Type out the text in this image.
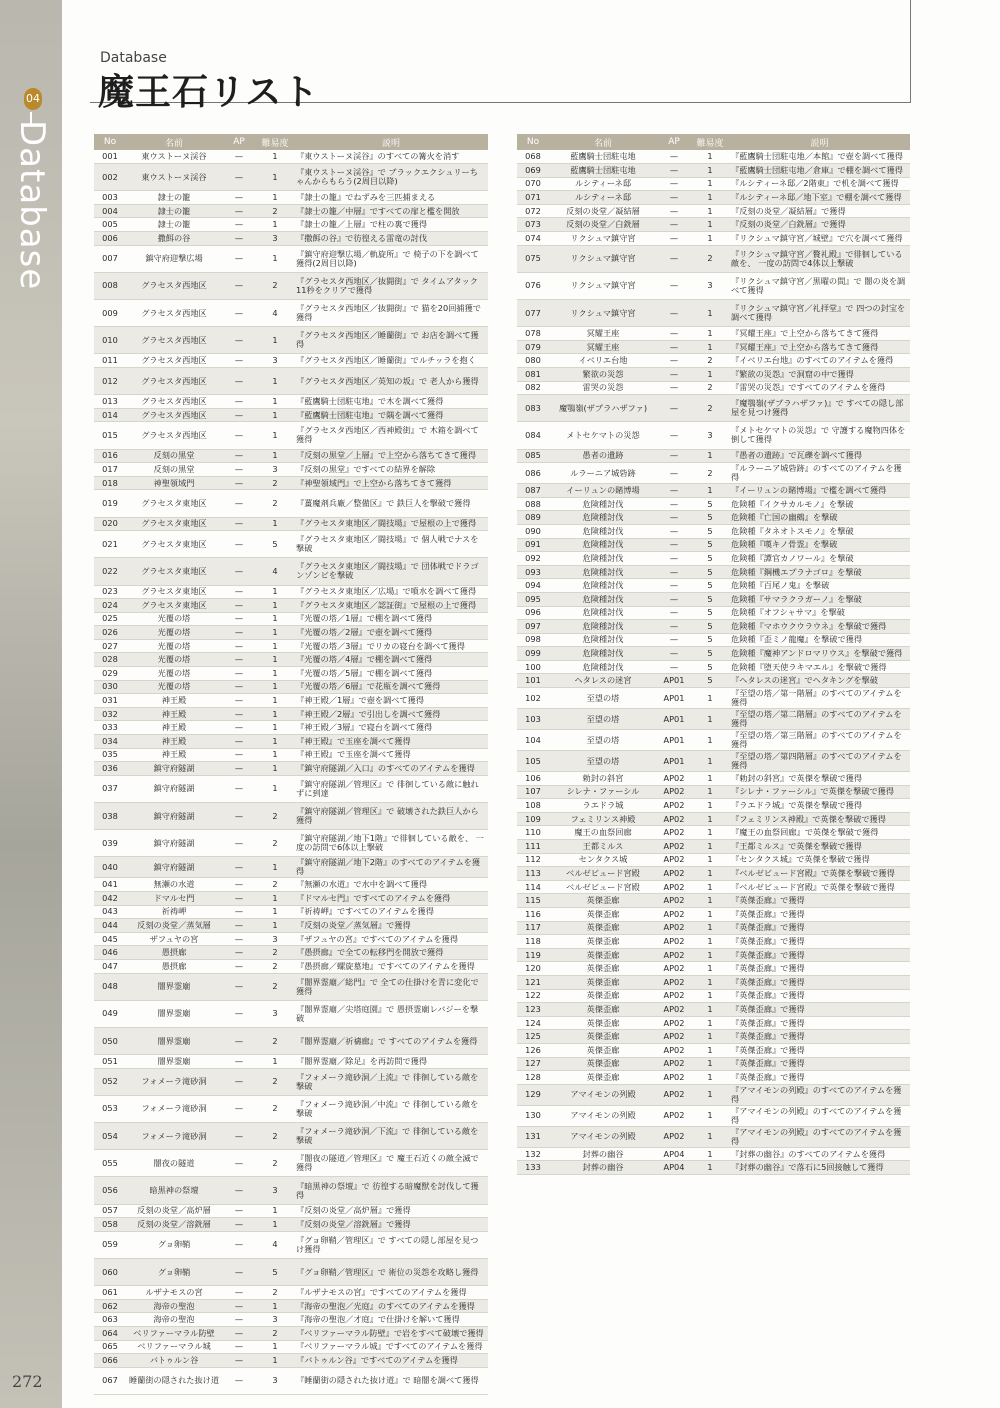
04
Database
Database
魔王石リスト
No	名前	AP	難易度	説明
001	東ウストーヌ渓谷	—	1	『東ウストーヌ渓谷』のすべての篝火を消す
002	東ウストーヌ渓谷	—	1	『東ウストーヌ渓谷』で ブラックエクシュリーちゃんからもらう(2周目以降)
003	隷士の籠	—	1	『隷士の籠』でねずみを三匹捕まえる
004	隷士の籠	—	2	『隷士の籠／中層』ですべての扉と檻を開放
005	隷士の籠	—	1	『隷士の籠／上層』で柱の裏で獲得
006	撒餌の谷	—	3	『撒餌の谷』で彷徨える雷竜の討伐
007	鎮守府迎撃広場	—	1	『鎮守府迎撃広場／軌旋所』で 椅子の下を調べて獲得(2周目以降)
008	グラセスタ西地区	—	2	『グラセスタ西地区／抜闘街』で タイムアタック11秒をクリアで獲得
009	グラセスタ西地区	—	4	『グラセスタ西地区／抜闘街』で 猫を20回捕獲で獲得
010	グラセスタ西地区	—	1	『グラセスタ西地区／睡蘭街』で お店を調べて獲得
011	グラセスタ西地区	—	3	『グラセスタ西地区／睡蘭街』でルチッラを抱く
012	グラセスタ西地区	—	1	『グラセスタ西地区／英知の坂』で 老人から獲得
013	グラセスタ西地区	—	1	『藍鷹騎士団駐屯地』で木を調べて獲得
014	グラセスタ西地区	—	1	『藍鷹騎士団駐屯地』で隅を調べて獲得
015	グラセスタ西地区	—	1	『グラセスタ西地区／西神殿街』で 木箱を調べて獲得
016	反刻の黒堂	—	1	『反刻の黒堂／上層』で上空から落ちてきて獲得
017	反刻の黒堂	—	3	『反刻の黒堂』ですべての結界を解除
018	神聖領域門	—	2	『神聖領域門』で上空から落ちてきて獲得
019	グラセスタ東地区	—	2	『薑魔剤兵廠／整備区』で 鉄巨人を撃破で獲得
020	グラセスタ東地区	—	1	『グラセスタ東地区／闘技場』で屋根の上で獲得
021	グラセスタ東地区	—	5	『グラセスタ東地区／闘技場』で 個人戦でナスを撃破
022	グラセスタ東地区	—	4	『グラセスタ東地区／闘技場』で 団体戦でドラゴンゾンビを撃破
023	グラセスタ東地区	—	1	『グラセスタ東地区／広場』で噴水を調べて獲得
024	グラセスタ東地区	—	1	『グラセスタ東地区／認証街』で屋根の上で獲得
025	光覆の塔	—	1	『光覆の塔／1層』で棚を調べて獲得
026	光覆の塔	—	1	『光覆の塔／2層』で壺を調べて獲得
027	光覆の塔	—	1	『光覆の塔／3層』でリカの寝台を調べて獲得
028	光覆の塔	—	1	『光覆の塔／4層』で棚を調べて獲得
029	光覆の塔	—	1	『光覆の塔／5層』で棚を調べて獲得
030	光覆の塔	—	1	『光覆の塔／6層』で花瓶を調べて獲得
031	神王殿	—	1	『神王殿／1層』で壺を調べて獲得
032	神王殿	—	1	『神王殿／2層』で引出しを調べて獲得
033	神王殿	—	1	『神王殿／3層』で寝台を調べて獲得
034	神王殿	—	1	『神王殿』で玉座を調べて獲得
035	神王殿	—	1	『神王殿』で玉座を調べて獲得
036	鎮守府隧湖	—	1	『鎮守府隧湖／入口』のすべてのアイテムを獲得
037	鎮守府隧湖	—	1	『鎮守府隧湖／管理区』で 徘徊している敵に触れずに到達
038	鎮守府隧湖	—	2	『鎮守府隧湖／管理区』で 破壊された鉄巨人から獲得
039	鎮守府隧湖	—	2	『鎮守府隧湖／地下1階』で徘徊している敵を、 一度の訪問で6体以上撃破
040	鎮守府隧湖	—	1	『鎮守府隧湖／地下2階』のすべてのアイテムを獲得
041	無瀬の水道	—	2	『無瀬の水道』で水中を調べて獲得
042	ドマルセ門	—	1	『ドマルセ門』ですべてのアイテムを獲得
043	祈祷岬	—	1	『祈祷岬』ですべてのアイテムを獲得
044	反刻の炎堂／蒸気層	—	1	『反刻の炎堂／蒸気層』で獲得
045	ザフュヤの宮	—	3	『ザフュヤの宮』ですべてのアイテムを獲得
046	愚摂廊	—	2	『愚摂廊』で全ての転移門を開放で獲得
047	愚摂廊	—	2	『愚摂廊／螺旋墓地』ですべてのアイテムを獲得
048	闇界霊廟	—	2	『闇界霊廟／総門』で 全ての仕掛けを青に変化で獲得
049	闇界霊廟	—	3	『闇界霊廟／尖塔庭園』で 愚摂霊廟レバジーを撃破
050	闇界霊廟	—	2	『闇界霊廟／祈禱廊』で すべてのアイテムを獲得
051	闇界霊廟	—	1	『闇界霊廟／除足』を再訪問で獲得
052	フォメーラ滝砂洞	—	2	『フォメーラ滝砂洞／上流』で 徘徊している敵を撃破
053	フォメーラ滝砂洞	—	2	『フォメーラ滝砂洞／中流』で 徘徊している敵を撃破
054	フォメーラ滝砂洞	—	2	『フォメーラ滝砂洞／下流』で 徘徊している敵を撃破
055	闇夜の隧道	—	2	『闇夜の隧道／管理区』で 魔王石近くの敵全滅で獲得
056	暗黒神の祭壇	—	3	『暗黒神の祭壇』で 彷徨する暗魔獣を討伐して獲得
057	反刻の炎堂／高炉層	—	1	『反刻の炎堂／高炉層』で獲得
058	反刻の炎堂／溶銑層	—	1	『反刻の炎堂／溶銑層』で獲得
059	グョ卵鞘	—	4	『グョ卵鞘／管理区』で すべての隠し部屋を見つけ獲得
060	グョ卵鞘	—	5	『グョ卵鞘／管理区』で 術位の災怨を攻略し獲得
061	ルザナモスの宮	—	2	『ルザナモスの宮』ですべてのアイテムを獲得
062	海帝の聖泡	—	1	『海帝の聖泡／光庭』のすべてのアイテムを獲得
063	海帝の聖泡	—	3	『海帝の聖泡／才庭』で仕掛けを解いて獲得
064	ベリファーマラル防壁	—	2	『ベリファーマラル防壁』で岩をすべて破壊で獲得
065	ベリファーマラル城	—	1	『ベリファーマラル城』ですべてのアイテムを獲得
066	バトゥルン谷	—	1	『バトゥルン谷』ですべてのアイテムを獲得
067	睡蘭街の隠された抜け道	—	3	『睡蘭街の隠された抜け道』で 暗闇を調べて獲得
No	名前	AP	難易度	説明
068	藍鷹騎士団駐屯地	—	1	『藍鷹騎士団駐屯地／本館』で壺を調べて獲得
069	藍鷹騎士団駐屯地	—	1	『藍鷹騎士団駐屯地／倉庫』で棚を調べて獲得
070	ルシティーネ邸	—	1	『ルシティーネ邸／2階東』で机を調べて獲得
071	ルシティーネ邸	—	1	『ルシティーネ邸／地下室』で棚を調べて獲得
072	反刻の炎堂／凝結層	—	1	『反刻の炎堂／凝結層』で獲得
073	反刻の炎堂／白銑層	—	1	『反刻の炎堂／白銑層』で獲得
074	リクシュマ鎮守宮	—	1	『リクシュマ鎮守宮／城壁』で穴を調べて獲得
075	リクシュマ鎮守宮	—	2	『リクシュマ鎮守宮／贅礼殿』で徘徊している敵を、 一度の訪問で4体以上撃破
076	リクシュマ鎮守宮	—	3	『リクシュマ鎮守宮／黒曜の間』で 闇の炎を調べて獲得
077	リクシュマ鎮守宮	—	1	『リクシュマ鎮守宮／礼拝堂』で 四つの封宝を調べて獲得
078	冥耀王座	—	1	『冥耀王座』で上空から落ちてきて獲得
079	冥耀王座	—	1	『冥耀王座』で上空から落ちてきて獲得
080	イベリエ台地	—	2	『イベリエ台地』のすべてのアイテムを獲得
081	繁欲の災怨	—	1	『繁欲の災怨』で洞窟の中で獲得
082	雷哭の災怨	—	2	『雷哭の災怨』ですべてのアイテムを獲得
083	魔鶚嶺(ザプラハザファ)	—	2	『魔鶚嶺(ザプラハザファ)』で すべての隠し部屋を見つけ獲得
084	メトセケマトの災怨	—	3	『メトセケマトの災怨』で 守護する魔物四体を倒して獲得
085	愚者の遺跡	—	1	『愚者の遺跡』で瓦礫を調べて獲得
086	ルラーニア城砦跡	—	2	『ルラーニア城砦跡』のすべてのアイテムを獲得
087	イーリュンの賭博場	—	1	『イーリュンの賭博場』で檻を調べて獲得
088	危険種討伐	—	5	危険種『イクサカルモノ』を撃破
089	危険種討伐	—	5	危険種『亡国の幽鵺』を撃破
090	危険種討伐	—	5	危険種『タネオトスモノ』を撃破
091	危険種討伐	—	5	危険種『嘆キノ骨霊』を撃破
092	危険種討伐	—	5	危険種『譚官カノワール』を撃破
093	危険種討伐	—	5	危険種『鋼機エプラナゴロ』を撃破
094	危険種討伐	—	5	危険種『百尾ノ鬼』を撃破
095	危険種討伐	—	5	危険種『サマラクラガーノ』を撃破
096	危険種討伐	—	5	危険種『オフシャサマ』を撃破
097	危険種討伐	—	5	危険種『マホウクウラウネ』を撃破で獲得
098	危険種討伐	—	5	危険種『歪ミノ龍魔』を撃破で獲得
099	危険種討伐	—	5	危険種『魔神アンドロマリウス』を撃破で獲得
100	危険種討伐	—	5	危険種『堕天使ラキマエル』を撃破で獲得
101	ヘタレスの迷宮	AP01	5	『ヘタレスの迷宮』でヘタキングを撃破
102	至望の塔	AP01	1	『至望の塔／第一階層』のすべてのアイテムを獲得
103	至望の塔	AP01	1	『至望の塔／第二階層』のすべてのアイテムを獲得
104	至望の塔	AP01	1	『至望の塔／第三階層』のすべてのアイテムを獲得
105	至望の塔	AP01	1	『至望の塔／第四階層』のすべてのアイテムを獲得
106	勅封の斜宮	AP02	1	『勅封の斜宮』で英傑を撃破で獲得
107	シレナ・ファーシル	AP02	1	『シレナ・ファーシル』で英傑を撃破で獲得
108	ラエドラ城	AP02	1	『ラエドラ城』で英傑を撃破で獲得
109	フェミリンス神殿	AP02	1	『フェミリンス神殿』で英傑を撃破で獲得
110	魔王の血祭回廊	AP02	1	『魔王の血祭回廊』で英傑を撃破で獲得
111	王都ミルス	AP02	1	『王都ミルス』で英傑を撃破で獲得
112	センタクス城	AP02	1	『センタクス城』で英傑を撃破で獲得
113	ベルゼビュード宮殿	AP02	1	『ベルゼビュード宮殿』で英傑を撃破で獲得
114	ベルゼビュード宮殿	AP02	1	『ベルゼビュード宮殿』で英傑を撃破で獲得
115	英傑歪廊	AP02	1	『英傑歪廊』で獲得
116	英傑歪廊	AP02	1	『英傑歪廊』で獲得
117	英傑歪廊	AP02	1	『英傑歪廊』で獲得
118	英傑歪廊	AP02	1	『英傑歪廊』で獲得
119	英傑歪廊	AP02	1	『英傑歪廊』で獲得
120	英傑歪廊	AP02	1	『英傑歪廊』で獲得
121	英傑歪廊	AP02	1	『英傑歪廊』で獲得
122	英傑歪廊	AP02	1	『英傑歪廊』で獲得
123	英傑歪廊	AP02	1	『英傑歪廊』で獲得
124	英傑歪廊	AP02	1	『英傑歪廊』で獲得
125	英傑歪廊	AP02	1	『英傑歪廊』で獲得
126	英傑歪廊	AP02	1	『英傑歪廊』で獲得
127	英傑歪廊	AP02	1	『英傑歪廊』で獲得
128	英傑歪廊	AP02	1	『英傑歪廊』で獲得
129	アマイモンの列殿	AP02	1	『アマイモンの列殿』のすべてのアイテムを獲得
130	アマイモンの列殿	AP02	1	『アマイモンの列殿』のすべてのアイテムを獲得
131	アマイモンの列殿	AP02	1	『アマイモンの列殿』のすべてのアイテムを獲得
132	封葬の幽谷	AP04	1	『封葬の幽谷』のすべてのアイテムを獲得
133	封葬の幽谷	AP04	1	『封葬の幽谷』で落石に5回接触して獲得
272
